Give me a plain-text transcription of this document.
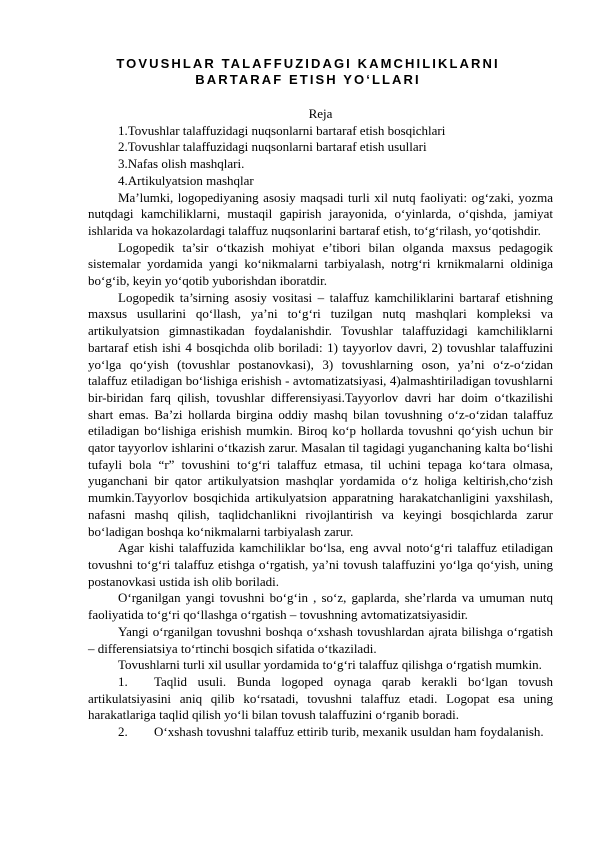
TOVUSHLAR TALAFFUZIDAGI KAMCHILIKLARNI
BARTARAF ETISH YO‘LLARI

Reja

1.Tovushlar talaffuzidagi nuqsonlarni bartaraf etish bosqichlari
2.Tovushlar talaffuzidagi nuqsonlarni bartaraf etish usullari
3.Nafas olish mashqlari.
4.Artikulyatsion mashqlar

Ma’lumki, logopediyaning asosiy maqsadi turli xil nutq faoliyati: og‘zaki, yozma nutqdagi kamchiliklarni, mustaqil gapirish jarayonida, o‘yinlarda, o‘qishda, jamiyat ishlarida va hokazolardagi talaffuz nuqsonlarini bartaraf etish, to‘g‘rilash, yo‘qotishdir.

Logopedik ta’sir o‘tkazish mohiyat e’tibori bilan olganda maxsus pedagogik sistemalar yordamida yangi ko‘nikmalarni tarbiyalash, notrg‘ri krnikmalarni oldiniga bo‘g‘ib, keyin yo‘qotib yuborishdan iboratdir.

Logopedik ta’sirning asosiy vositasi – talaffuz kamchiliklarini bartaraf etishning maxsus usullarini qo‘llash, ya’ni to‘g‘ri tuzilgan nutq mashqlari kompleksi va artikulyatsion gimnastikadan foydalanishdir. Tovushlar talaffuzidagi kamchiliklarni bartaraf etish ishi 4 bosqichda olib boriladi: 1) tayyorlov davri, 2) tovushlar talaffuzini yo‘lga qo‘yish (tovushlar postanovkasi), 3) tovushlarning oson, ya’ni o‘z-o‘zidan talaffuz etiladigan bo‘lishiga erishish - avtomatizatsiyasi, 4)almashtiriladigan tovushlarni bir-biridan farq qilish, tovushlar differensiyasi.Tayyorlov davri har doim o‘tkazilishi shart emas. Ba’zi hollarda birgina oddiy mashq bilan tovushning o‘z-o‘zidan talaffuz etiladigan bo‘lishiga erishish mumkin. Biroq ko‘p hollarda tovushni qo‘yish uchun bir qator tayyorlov ishlarini o‘tkazish zarur. Masalan til tagidagi yuganchaning kalta bo‘lishi tufayli bola “r” tovushini to‘g‘ri talaffuz etmasa, til uchini tepaga ko‘tara olmasa, yuganchani bir qator artikulyatsion mashqlar yordamida o‘z holiga keltirish,cho‘zish mumkin.Tayyorlov bosqichida artikulyatsion apparatning harakatchanligini yaxshilash, nafasni mashq qilish, taqlidchanlikni rivojlantirish va keyingi bosqichlarda zarur bo‘ladigan boshqa ko‘nikmalarni tarbiyalash zarur.

Agar kishi talaffuzida kamchiliklar bo‘lsa, eng avval noto‘g‘ri talaffuz etiladigan tovushni to‘g‘ri talaffuz etishga o‘rgatish, ya’ni tovush talaffuzini yo‘lga qo‘yish, uning postanovkasi ustida ish olib boriladi.

O‘rganilgan yangi tovushni bo‘g‘in , so‘z, gaplarda, she’rlarda va umuman nutq faoliyatida to‘g‘ri qo‘llashga o‘rgatish – tovushning avtomatizatsiyasidir.

Yangi o‘rganilgan tovushni boshqa o‘xshash tovushlardan ajrata bilishga o‘rgatish – differensiatsiya to‘rtinchi bosqich sifatida o‘tkaziladi.

Tovushlarni turli xil usullar yordamida to‘g‘ri talaffuz qilishga o‘rgatish mumkin.

1. Taqlid usuli. Bunda logoped oynaga qarab kerakli bo‘lgan tovush artikulatsiyasini aniq qilib ko‘rsatadi, tovushni talaffuz etadi. Logopat esa uning harakatlariga taqlid qilish yo‘li bilan tovush talaffuzini o‘rganib boradi.

2. O‘xshash tovushni talaffuz ettirib turib, mexanik usuldan ham foydalanish.
